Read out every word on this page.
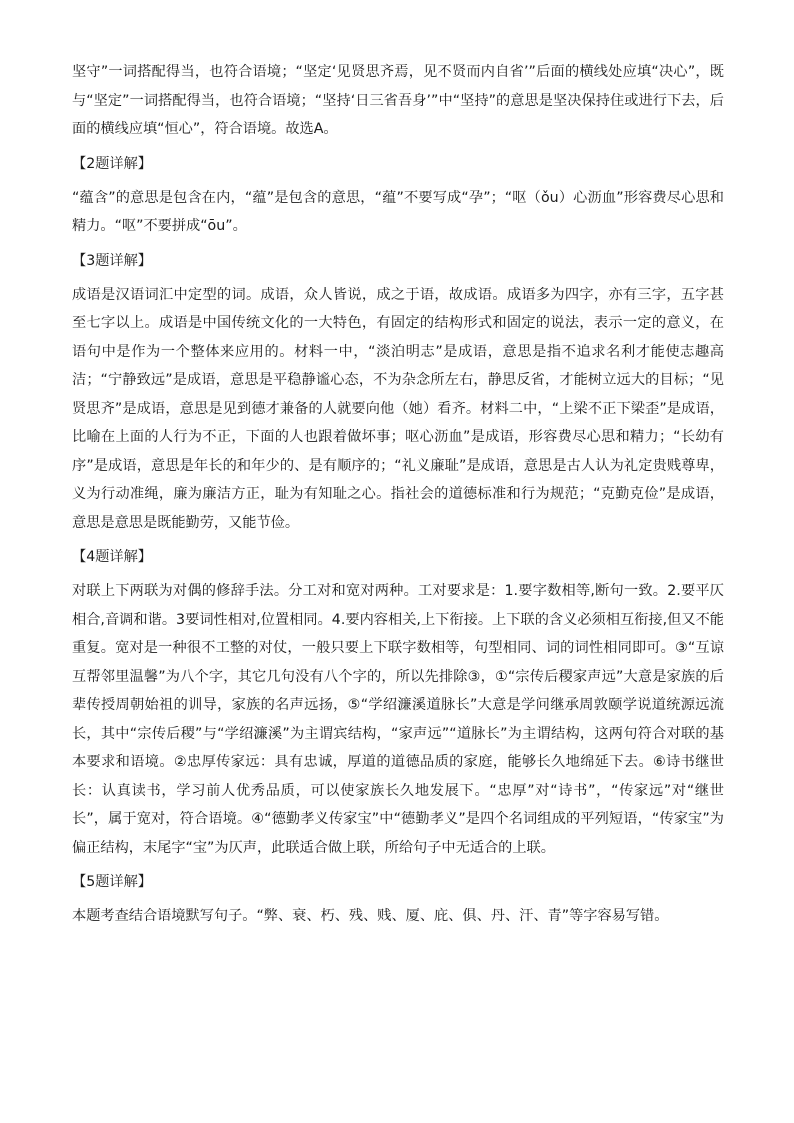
坚守”一词搭配得当，也符合语境；“坚定‘见贤思齐焉，见不贤而内自省’”后面的横线处应填“决心”，既与“坚定”一词搭配得当，也符合语境；“坚持‘日三省吾身’”中“坚持”的意思是坚决保持住或进行下去，后面的横线应填“恒心”，符合语境。故选A。

【2题详解】

“蕴含”的意思是包含在内，“蕴”是包含的意思，“蕴”不要写成“孕”；“呕（ǒu）心沥血”形容费尽心思和精力。“呕”不要拼成“ōu”。

【3题详解】

成语是汉语词汇中定型的词。成语，众人皆说，成之于语，故成语。成语多为四字，亦有三字，五字甚至七字以上。成语是中国传统文化的一大特色，有固定的结构形式和固定的说法，表示一定的意义，在语句中是作为一个整体来应用的。材料一中，“淡泊明志”是成语，意思是指不追求名利才能使志趣高洁；“宁静致远”是成语，意思是平稳静谧心态，不为杂念所左右，静思反省，才能树立远大的目标；“见贤思齐”是成语，意思是见到德才兼备的人就要向他（她）看齐。材料二中，“上梁不正下梁歪”是成语，比喻在上面的人行为不正，下面的人也跟着做坏事；呕心沥血”是成语，形容费尽心思和精力；“长幼有序”是成语，意思是年长的和年少的、是有顺序的；“礼义廉耻”是成语，意思是古人认为礼定贵贱尊卑，义为行动准绳，廉为廉洁方正，耻为有知耻之心。指社会的道德标准和行为规范；“克勤克俭”是成语，意思是意思是既能勤劳，又能节俭。

【4题详解】

对联上下两联为对偶的修辞手法。分工对和宽对两种。工对要求是：1.要字数相等,断句一致。2.要平仄相合,音调和谐。3要词性相对,位置相同。4.要内容相关,上下衔接。上下联的含义必须相互衔接,但又不能重复。宽对是一种很不工整的对仗，一般只要上下联字数相等，句型相同、词的词性相同即可。③“互谅互帮邻里温馨”为八个字，其它几句没有八个字的，所以先排除③，①“宗传后稷家声远”大意是家族的后辈传授周朝始祖的训导，家族的名声远扬，⑤“学绍濂溪道脉长”大意是学问继承周敦颐学说道统源远流长，其中“宗传后稷”与“学绍濂溪”为主谓宾结构，“家声远”“道脉长”为主谓结构，这两句符合对联的基本要求和语境。②忠厚传家远：具有忠诚，厚道的道德品质的家庭，能够长久地绵延下去。⑥诗书继世长：认真读书，学习前人优秀品质，可以使家族长久地发展下。“忠厚”对“诗书”，“传家远”对“继世长”，属于宽对，符合语境。④“德勤孝义传家宝”中“德勤孝义”是四个名词组成的平列短语，“传家宝”为偏正结构，末尾字“宝”为仄声，此联适合做上联，所给句子中无适合的上联。

【5题详解】

本题考查结合语境默写句子。“弊、衰、朽、残、贱、厦、庇、俱、丹、汗、青”等字容易写错。
